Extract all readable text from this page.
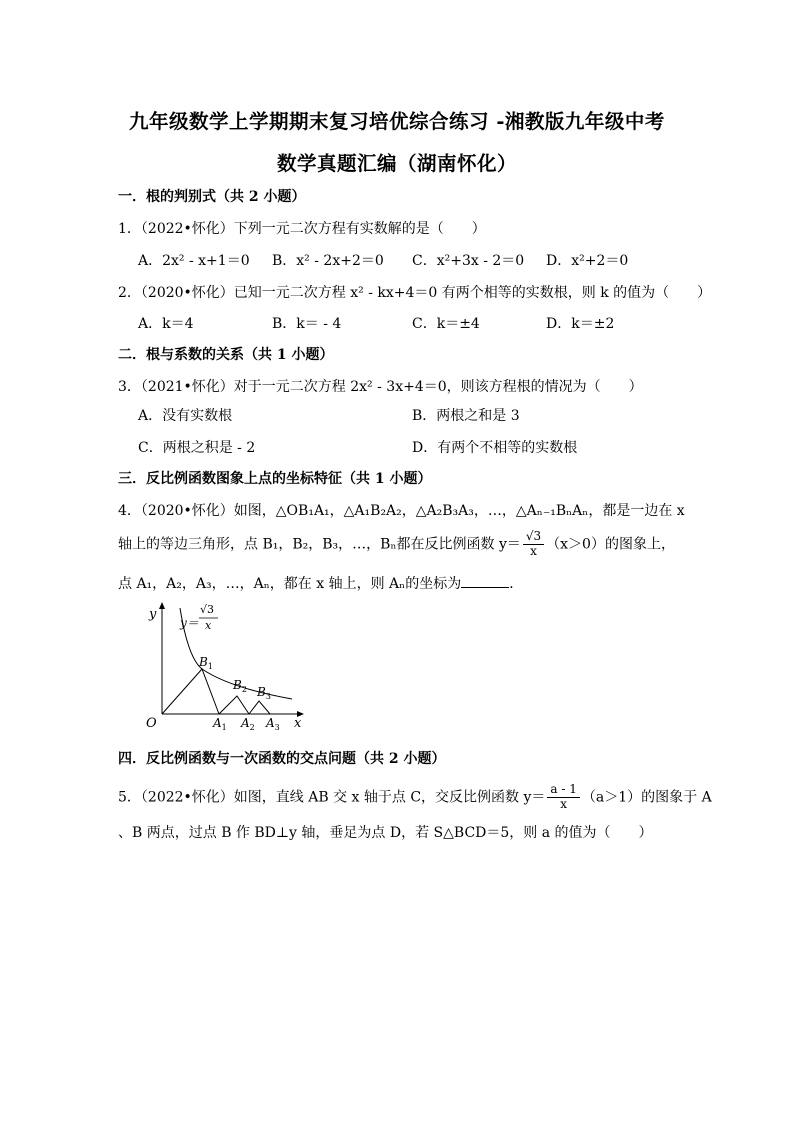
九年级数学上学期期末复习培优综合练习 -湘教版九年级中考
数学真题汇编（湖南怀化）
一．根的判别式（共 2 小题）
1．（2022•怀化）下列一元二次方程有实数解的是（　　）
A．2x² - x+1＝0 B．x² - 2x+2＝0 C．x²+3x - 2＝0 D．x²+2＝0
2．（2020•怀化）已知一元二次方程 x² - kx+4＝0 有两个相等的实数根，则 k 的值为（　　）
A．k＝4	B．k＝ - 4	C．k＝±4	D．k＝±2
二．根与系数的关系（共 1 小题）
3．（2021•怀化）对于一元二次方程 2x² - 3x+4＝0，则该方程根的情况为（　　）
A．没有实数根	B．两根之和是 3
C．两根之积是 - 2	D．有两个不相等的实数根
三．反比例函数图象上点的坐标特征（共 1 小题）
4．（2020•怀化）如图，△OB₁A₁，△A₁B₂A₂，△A₂B₃A₃，…，△Aₙ₋₁BₙAₙ，都是一边在 x
轴上的等边三角形，点 B₁，B₂，B₃，…，Bₙ都在反比例函数 $y= \frac{√3}{x} (x>0)$的图象上，
点 A₁，A₂，A₃，…，Aₙ，都在 x 轴上，则 Aₙ的坐标为	．
y
x
O
y＝
√3
x
$B_1$
$B_2$ $B_3$
$A_1$ $A_2$ $A_3$
四．反比例函数与一次函数的交点问题（共 2 小题）
5．（2022•怀化）如图，直线 AB 交 x 轴于点 C，交反比例函数 $y= \frac{a - 1}{x} (a>1)$的图象于 A
、B 两点，过点 B 作 BD⊥y 轴，垂足为点 D，若 S△BCD＝5，则 a 的值为（　　）
